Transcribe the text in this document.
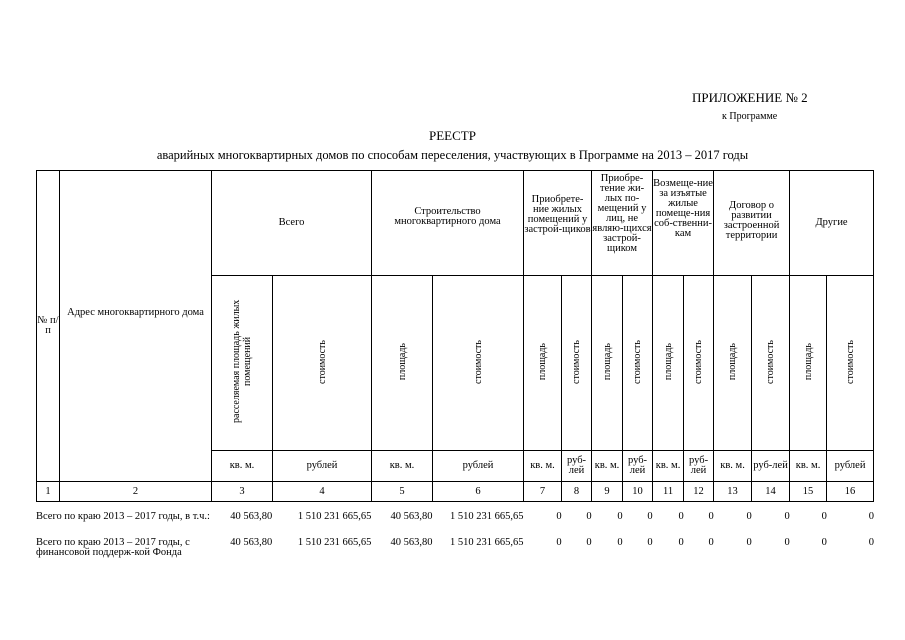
ПРИЛОЖЕНИЕ № 2
к Программе
РЕЕСТР
аварийных многоквартирных домов по способам переселения, участвующих в Программе на 2013 – 2017 годы
№ п/п	Адрес многоквартирного дома	Всего		Строительство многоквартирного дома		Приобрете-ние жилых помещений у застрой-щиков		Приобре-тение жи-лых по-мещений у лиц, не являю-щихся застрой-щиком		Возмеще-ние за изъятые жилые помеще-ния соб-ственни-кам		Договор о развитии застроенной территории		Другие	
		расселяемая площадь жилых помещений	стоимость	площадь	стоимость	площадь	стоимость	площадь	стоимость	площадь	стоимость	площадь	стоимость	площадь	стоимость
		кв. м.	рублей	кв. м.	рублей	кв. м.	руб-лей	кв. м.	руб-лей	кв. м.	руб-лей	кв. м.	руб-лей	кв. м.	рублей
1	2	3	4	5	6	7	8	9	10	11	12	13	14	15	16
Всего по краю 2013 – 2017 годы, в т.ч.:	40 563,80	1 510 231 665,65	40 563,80	1 510 231 665,65	0	0	0	0	0	0	0	0	0	0
Всего по краю 2013 – 2017 годы, с финансовой поддерж-кой Фонда	40 563,80	1 510 231 665,65	40 563,80	1 510 231 665,65	0	0	0	0	0	0	0	0	0	0
